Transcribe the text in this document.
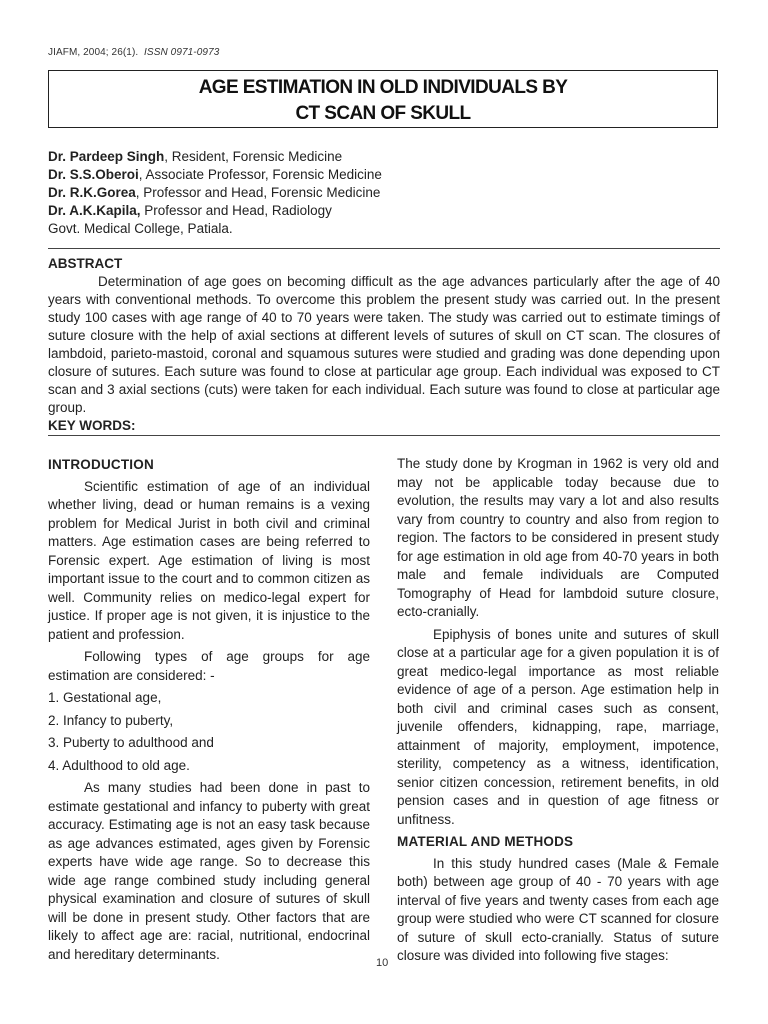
JIAFM, 2004; 26(1). ISSN 0971-0973
AGE ESTIMATION IN OLD INDIVIDUALS BY
CT SCAN OF SKULL
Dr. Pardeep Singh, Resident, Forensic Medicine
Dr. S.S.Oberoi, Associate Professor, Forensic Medicine
Dr. R.K.Gorea, Professor and Head, Forensic Medicine
Dr. A.K.Kapila, Professor and Head, Radiology
Govt. Medical College, Patiala.
ABSTRACT

Determination of age goes on becoming difficult as the age advances particularly after the age of 40 years with conventional methods. To overcome this problem the present study was carried out. In the present study 100 cases with age range of 40 to 70 years were taken. The study was carried out to estimate timings of suture closure with the help of axial sections at different levels of sutures of skull on CT scan. The closures of lambdoid, parieto-mastoid, coronal and squamous sutures were studied and grading was done depending upon closure of sutures. Each suture was found to close at particular age group. Each individual was exposed to CT scan and 3 axial sections (cuts) were taken for each individual. Each suture was found to close at particular age group.

KEY WORDS:
INTRODUCTION

Scientific estimation of age of an individual whether living, dead or human remains is a vexing problem for Medical Jurist in both civil and criminal matters. Age estimation cases are being referred to Forensic expert. Age estimation of living is most important issue to the court and to common citizen as well. Community relies on medico-legal expert for justice. If proper age is not given, it is injustice to the patient and profession.

Following types of age groups for age estimation are considered: -

1. Gestational age,
2. Infancy to puberty,
3. Puberty to adulthood and
4. Adulthood to old age.

As many studies had been done in past to estimate gestational and infancy to puberty with great accuracy. Estimating age is not an easy task because as age advances estimated, ages given by Forensic experts have wide age range. So to decrease this wide age range combined study including general physical examination and closure of sutures of skull will be done in present study. Other factors that are likely to affect age are: racial, nutritional, endocrinal and hereditary determinants.

The study done by Krogman in 1962 is very old and may not be applicable today because due to evolution, the results may vary a lot and also results vary from country to country and also from region to region. The factors to be considered in present study for age estimation in old age from 40-70 years in both male and female individuals are Computed Tomography of Head for lambdoid suture closure, ecto-cranially.

Epiphysis of bones unite and sutures of skull close at a particular age for a given population it is of great medico-legal importance as most reliable evidence of age of a person. Age estimation help in both civil and criminal cases such as consent, juvenile offenders, kidnapping, rape, marriage, attainment of majority, employment, impotence, sterility, competency as a witness, identification, senior citizen concession, retirement benefits, in old pension cases and in question of age fitness or unfitness.

MATERIAL AND METHODS

In this study hundred cases (Male & Female both) between age group of 40 - 70 years with age interval of five years and twenty cases from each age group were studied who were CT scanned for closure of suture of skull ecto-cranially. Status of suture closure was divided into following five stages:

10
